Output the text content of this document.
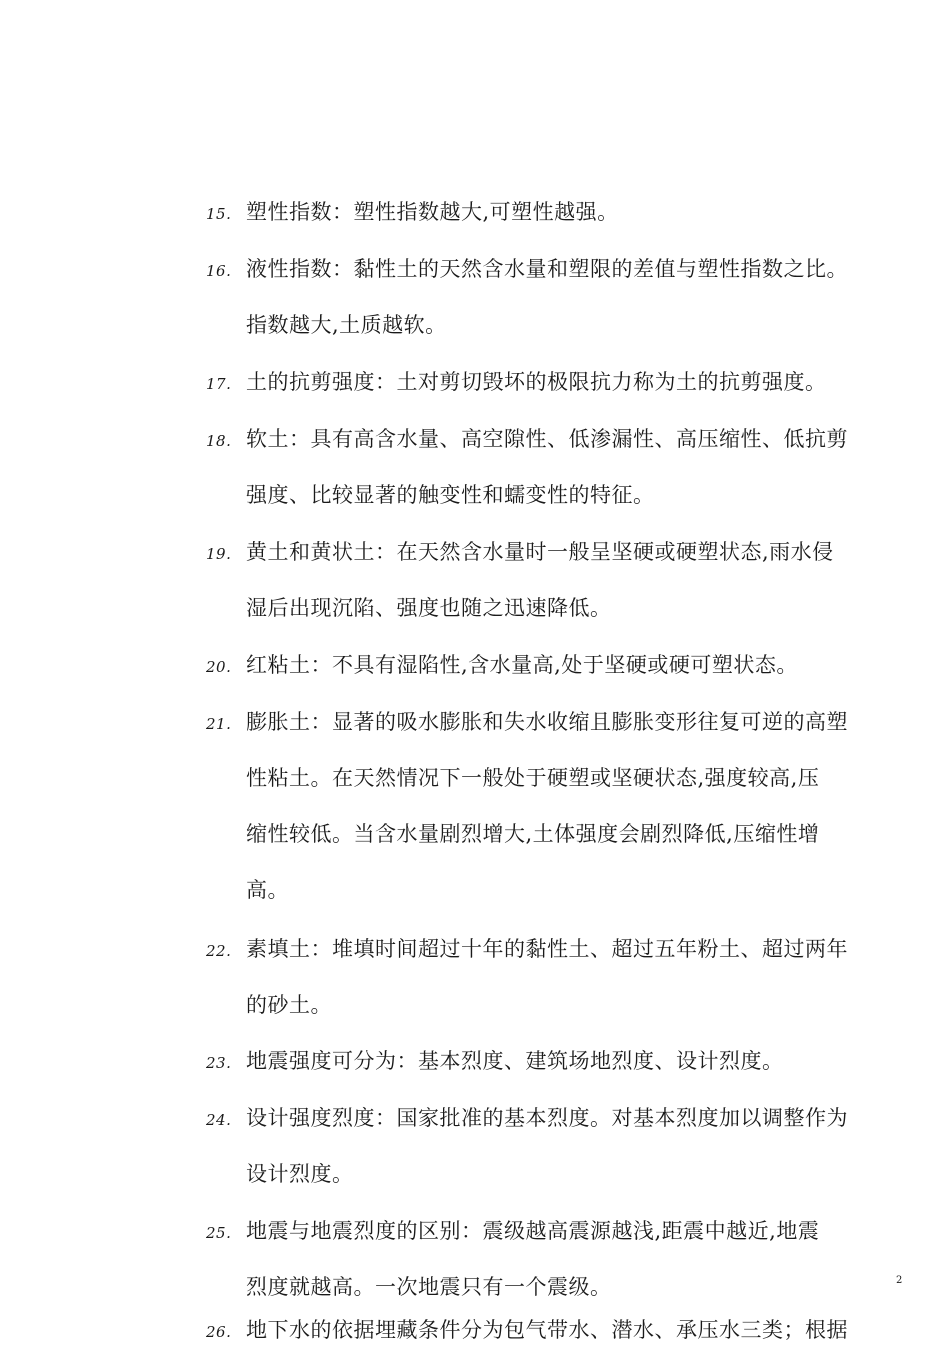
15. 塑性指数：塑性指数越大,可塑性越强。
16. 液性指数：黏性土的天然含水量和塑限的差值与塑性指数之比。
指数越大,土质越软。
17. 土的抗剪强度：土对剪切毁坏的极限抗力称为土的抗剪强度。
18. 软土：具有高含水量、高空隙性、低渗漏性、高压缩性、低抗剪
强度、比较显著的触变性和蠕变性的特征。
19. 黄土和黄状土：在天然含水量时一般呈坚硬或硬塑状态,雨水侵
湿后出现沉陷、强度也随之迅速降低。
20. 红粘土：不具有湿陷性,含水量高,处于坚硬或硬可塑状态。
21. 膨胀土：显著的吸水膨胀和失水收缩且膨胀变形往复可逆的高塑
性粘土。在天然情况下一般处于硬塑或坚硬状态,强度较高,压
缩性较低。当含水量剧烈增大,土体强度会剧烈降低,压缩性增
高。
22. 素填土：堆填时间超过十年的黏性土、超过五年粉土、超过两年
的砂土。
23. 地震强度可分为：基本烈度、建筑场地烈度、设计烈度。
24. 设计强度烈度：国家批准的基本烈度。对基本烈度加以调整作为
设计烈度。
25. 地震与地震烈度的区别：震级越高震源越浅,距震中越近,地震
烈度就越高。一次地震只有一个震级。
26. 地下水的依据埋藏条件分为包气带水、潜水、承压水三类；根据
2
